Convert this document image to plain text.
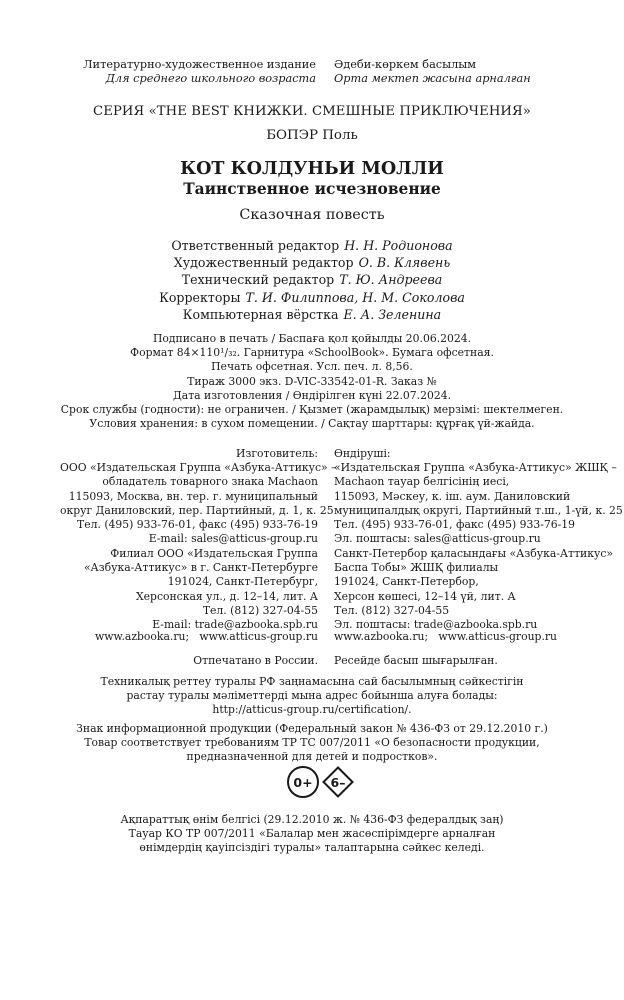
Литературно-художественное издание
Для среднего школьного возраста
Әдеби-көркем басылым
Орта мектеп жасына арналған
СЕРИЯ «THE BEST КНИЖКИ. СМЕШНЫЕ ПРИКЛЮЧЕНИЯ»
БОПЭР Поль
КОТ КОЛДУНЬИ МОЛЛИ
Таинственное исчезновение
Сказочная повесть
Ответственный редактор Н. Н. Родионова
Художественный редактор О. В. Клявень
Технический редактор Т. Ю. Андреева
Корректоры Т. И. Филиппова, Н. М. Соколова
Компьютерная вёрстка Е. А. Зеленина
Подписано в печать / Баспаға қол қойылды 20.06.2024.
Формат 84×110¹/₃₂. Гарнитура «SchoolBook». Бумага офсетная.
Печать офсетная. Усл. печ. л. 8,56.
Тираж 3000 экз. D-VIC-33542-01-R. Заказ №
Дата изготовления / Өндірілген күні 22.07.2024.
Срок службы (годности): не ограничен. / Қызмет (жарамдылық) мерзімі: шектелмеген.
Условия хранения: в сухом помещении. / Сақтау шарттары: құрғақ үй-жайда.
Изготовитель:
ООО «Издательская Группа «Азбука-Аттикус» –
обладатель товарного знака Machaon
115093, Москва, вн. тер. г. муниципальный
округ Даниловский, пер. Партийный, д. 1, к. 25
Тел. (495) 933-76-01, факс (495) 933-76-19
E-mail: sales@atticus-group.ru
Өндіруші:
«Издательская Группа «Азбука-Аттикус» ЖШҚ –
Machaon тауар белгісінің иесі,
115093, Мәскеу, к. іш. аум. Даниловский
муниципалдық округі, Партийный т.ш., 1-үй, к. 25
Тел. (495) 933-76-01, факс (495) 933-76-19
Эл. поштасы: sales@atticus-group.ru
Филиал ООО «Издательская Группа
«Азбука-Аттикус» в г. Санкт-Петербурге
191024, Санкт-Петербург,
Херсонская ул., д. 12–14, лит. А
Тел. (812) 327-04-55
E-mail: trade@azbooka.spb.ru
Санкт-Петербор қаласындағы «Азбука-Аттикус»
Баспа Тобы» ЖШҚ филиалы
191024, Санкт-Петербор,
Херсон көшесі, 12–14 үй, лит. А
Тел. (812) 327-04-55
Эл. поштасы: trade@azbooka.spb.ru
www.azbooka.ru;   www.atticus-group.ru www.azbooka.ru;   www.atticus-group.ru
Отпечатано в России. Ресейде басып шығарылған.
Техникалық реттеу туралы РФ заңнамасына сай басылымның сәйкестігін
растау туралы мәліметтерді мына адрес бойынша алуға болады:
http://atticus-group.ru/certification/.
Знак информационной продукции (Федеральный закон № 436-ФЗ от 29.12.2010 г.)
Товар соответствует требованиям ТР ТС 007/2011 «О безопасности продукции,
предназначенной для детей и подростков».
0+ 6–
Ақпараттық өнім белгісі (29.12.2010 ж. № 436-ФЗ федералдық заң)
Тауар КО ТР 007/2011 «Балалар мен жасөспірімдерге арналған
өнімдердің қауіпсіздігі туралы» талаптарына сәйкес келеді.
